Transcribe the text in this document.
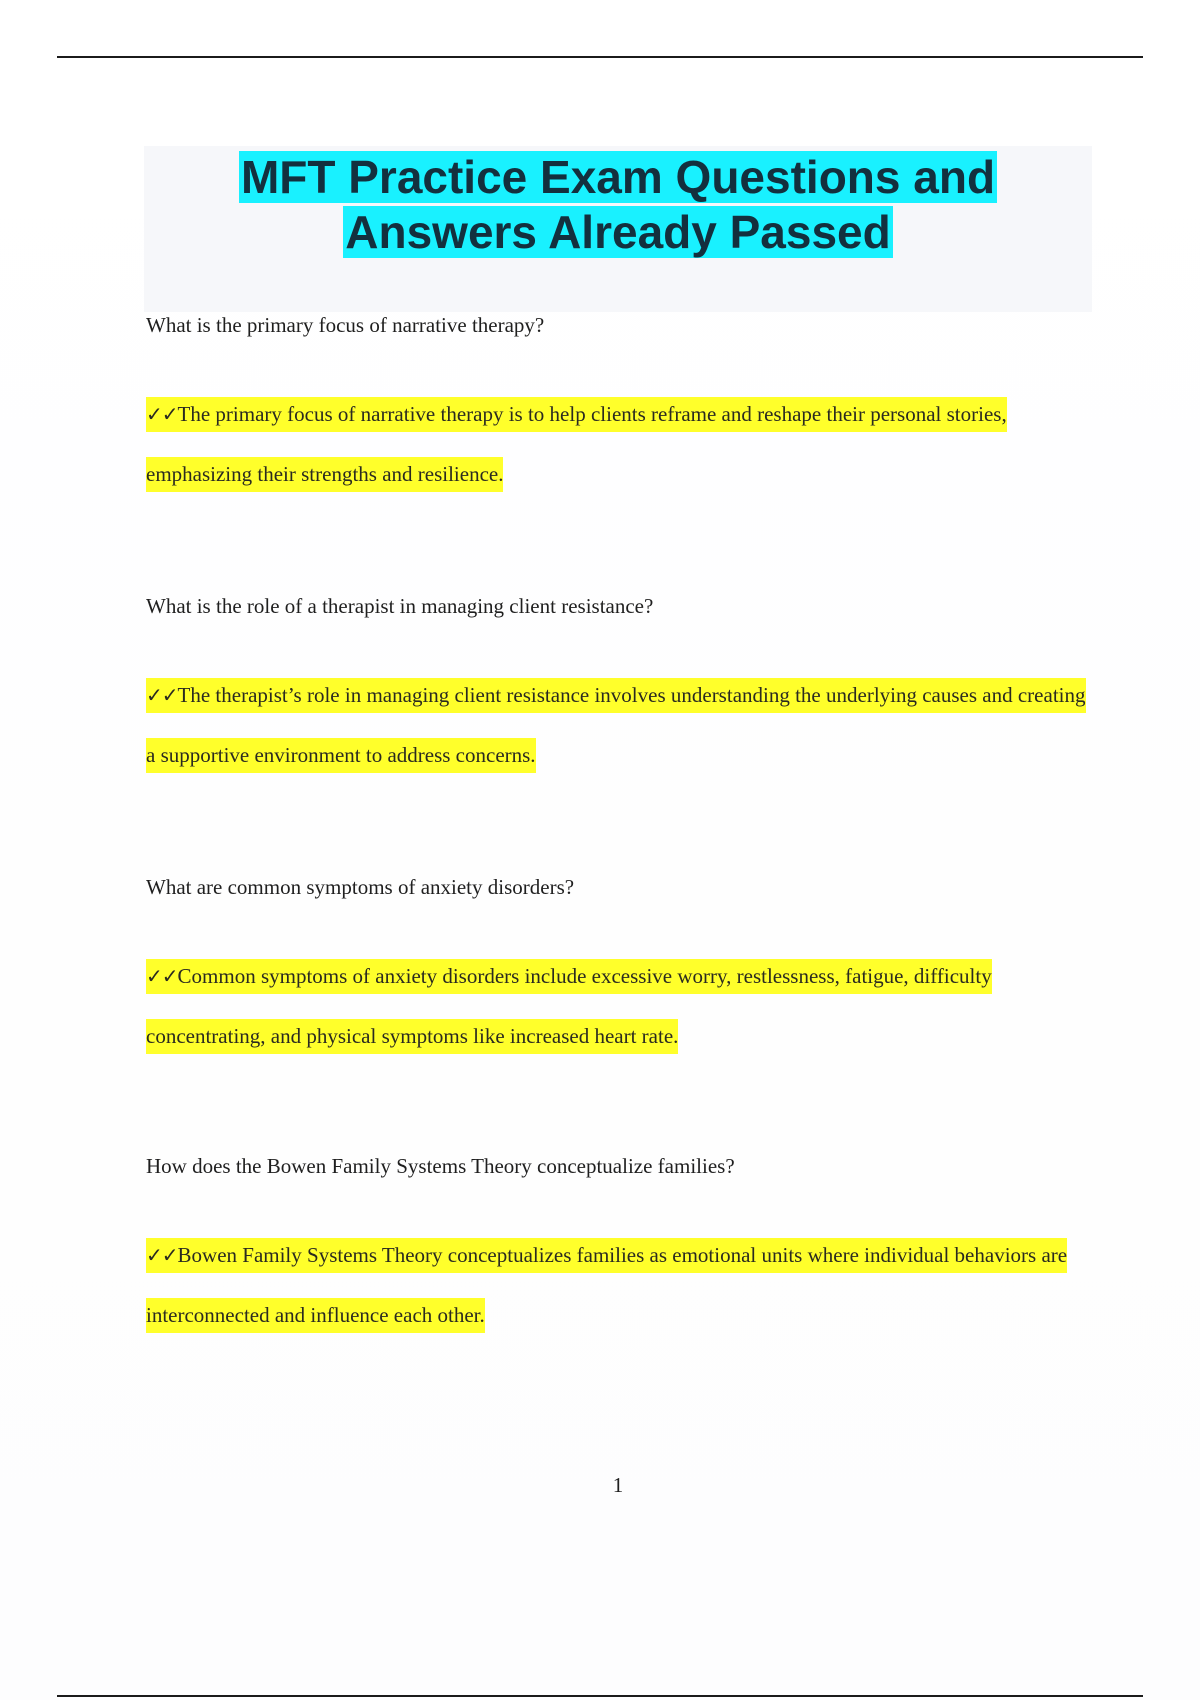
MFT Practice Exam Questions and
Answers Already Passed

What is the primary focus of narrative therapy?

✓✓The primary focus of narrative therapy is to help clients reframe and reshape their personal stories, emphasizing their strengths and resilience.

What is the role of a therapist in managing client resistance?

✓✓The therapist’s role in managing client resistance involves understanding the underlying causes and creating a supportive environment to address concerns.

What are common symptoms of anxiety disorders?

✓✓Common symptoms of anxiety disorders include excessive worry, restlessness, fatigue, difficulty concentrating, and physical symptoms like increased heart rate.

How does the Bowen Family Systems Theory conceptualize families?

✓✓Bowen Family Systems Theory conceptualizes families as emotional units where individual behaviors are interconnected and influence each other.

1
